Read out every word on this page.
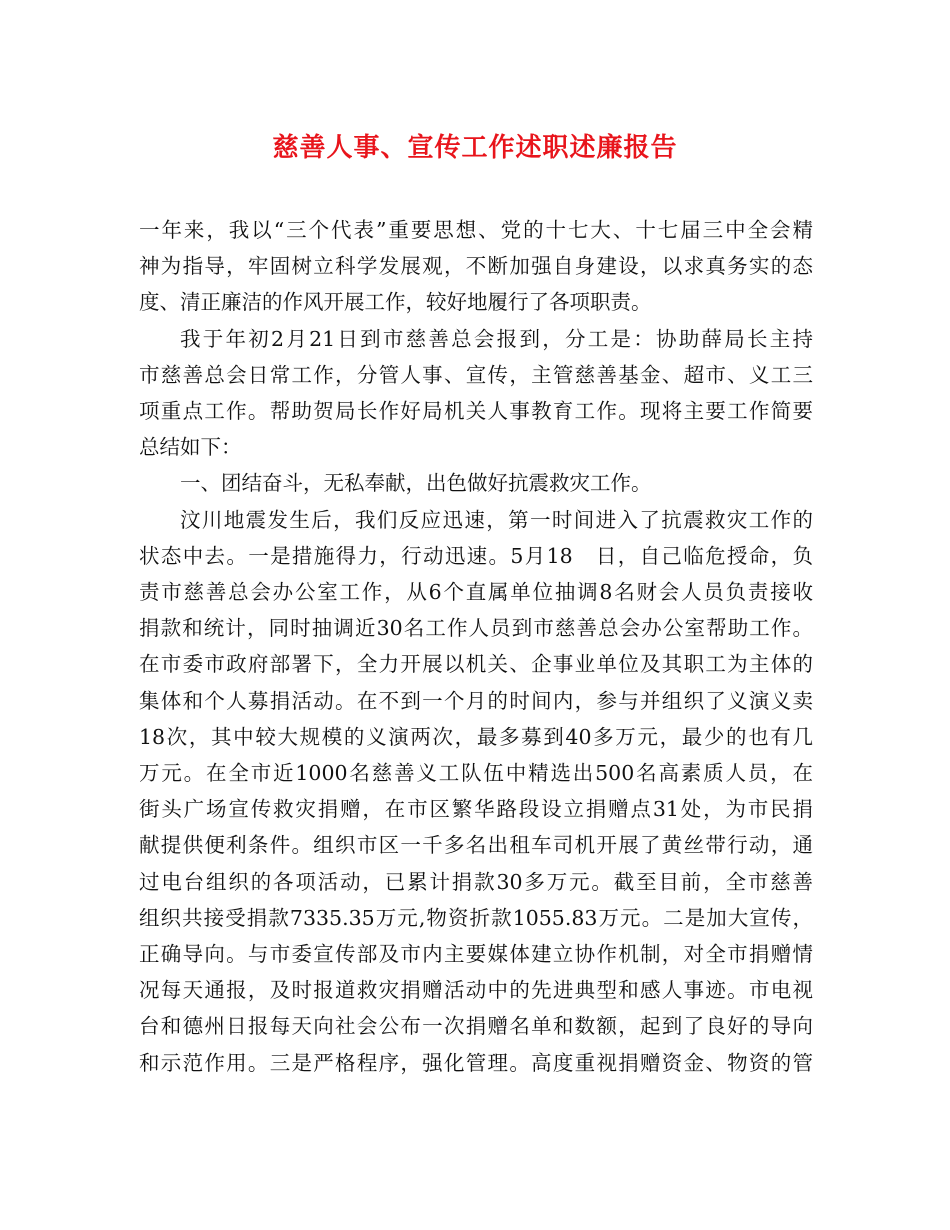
慈善人事、宣传工作述职述廉报告
一年来，我以“三个代表”重要思想、党的十七大、十七届三中全会精
神为指导，牢固树立科学发展观，不断加强自身建设，以求真务实的态
度、清正廉洁的作风开展工作，较好地履行了各项职责。
我于年初2月21日到市慈善总会报到，分工是：协助薛局长主持
市慈善总会日常工作，分管人事、宣传，主管慈善基金、超市、义工三
项重点工作。帮助贺局长作好局机关人事教育工作。现将主要工作简要
总结如下：
一、团结奋斗，无私奉献，出色做好抗震救灾工作。
汶川地震发生后，我们反应迅速，第一时间进入了抗震救灾工作的
状态中去。一是措施得力，行动迅速。5月18　日，自己临危授命，负
责市慈善总会办公室工作，从6个直属单位抽调8名财会人员负责接收
捐款和统计，同时抽调近30名工作人员到市慈善总会办公室帮助工作。
在市委市政府部署下，全力开展以机关、企事业单位及其职工为主体的
集体和个人募捐活动。在不到一个月的时间内，参与并组织了义演义卖
18次，其中较大规模的义演两次，最多募到40多万元，最少的也有几
万元。在全市近1000名慈善义工队伍中精选出500名高素质人员，在
街头广场宣传救灾捐赠，在市区繁华路段设立捐赠点31处，为市民捐
献提供便利条件。组织市区一千多名出租车司机开展了黄丝带行动，通
过电台组织的各项活动，已累计捐款30多万元。截至目前，全市慈善
组织共接受捐款7335.35万元,物资折款1055.83万元。二是加大宣传，
正确导向。与市委宣传部及市内主要媒体建立协作机制，对全市捐赠情
况每天通报，及时报道救灾捐赠活动中的先进典型和感人事迹。市电视
台和德州日报每天向社会公布一次捐赠名单和数额，起到了良好的导向
和示范作用。三是严格程序，强化管理。高度重视捐赠资金、物资的管
